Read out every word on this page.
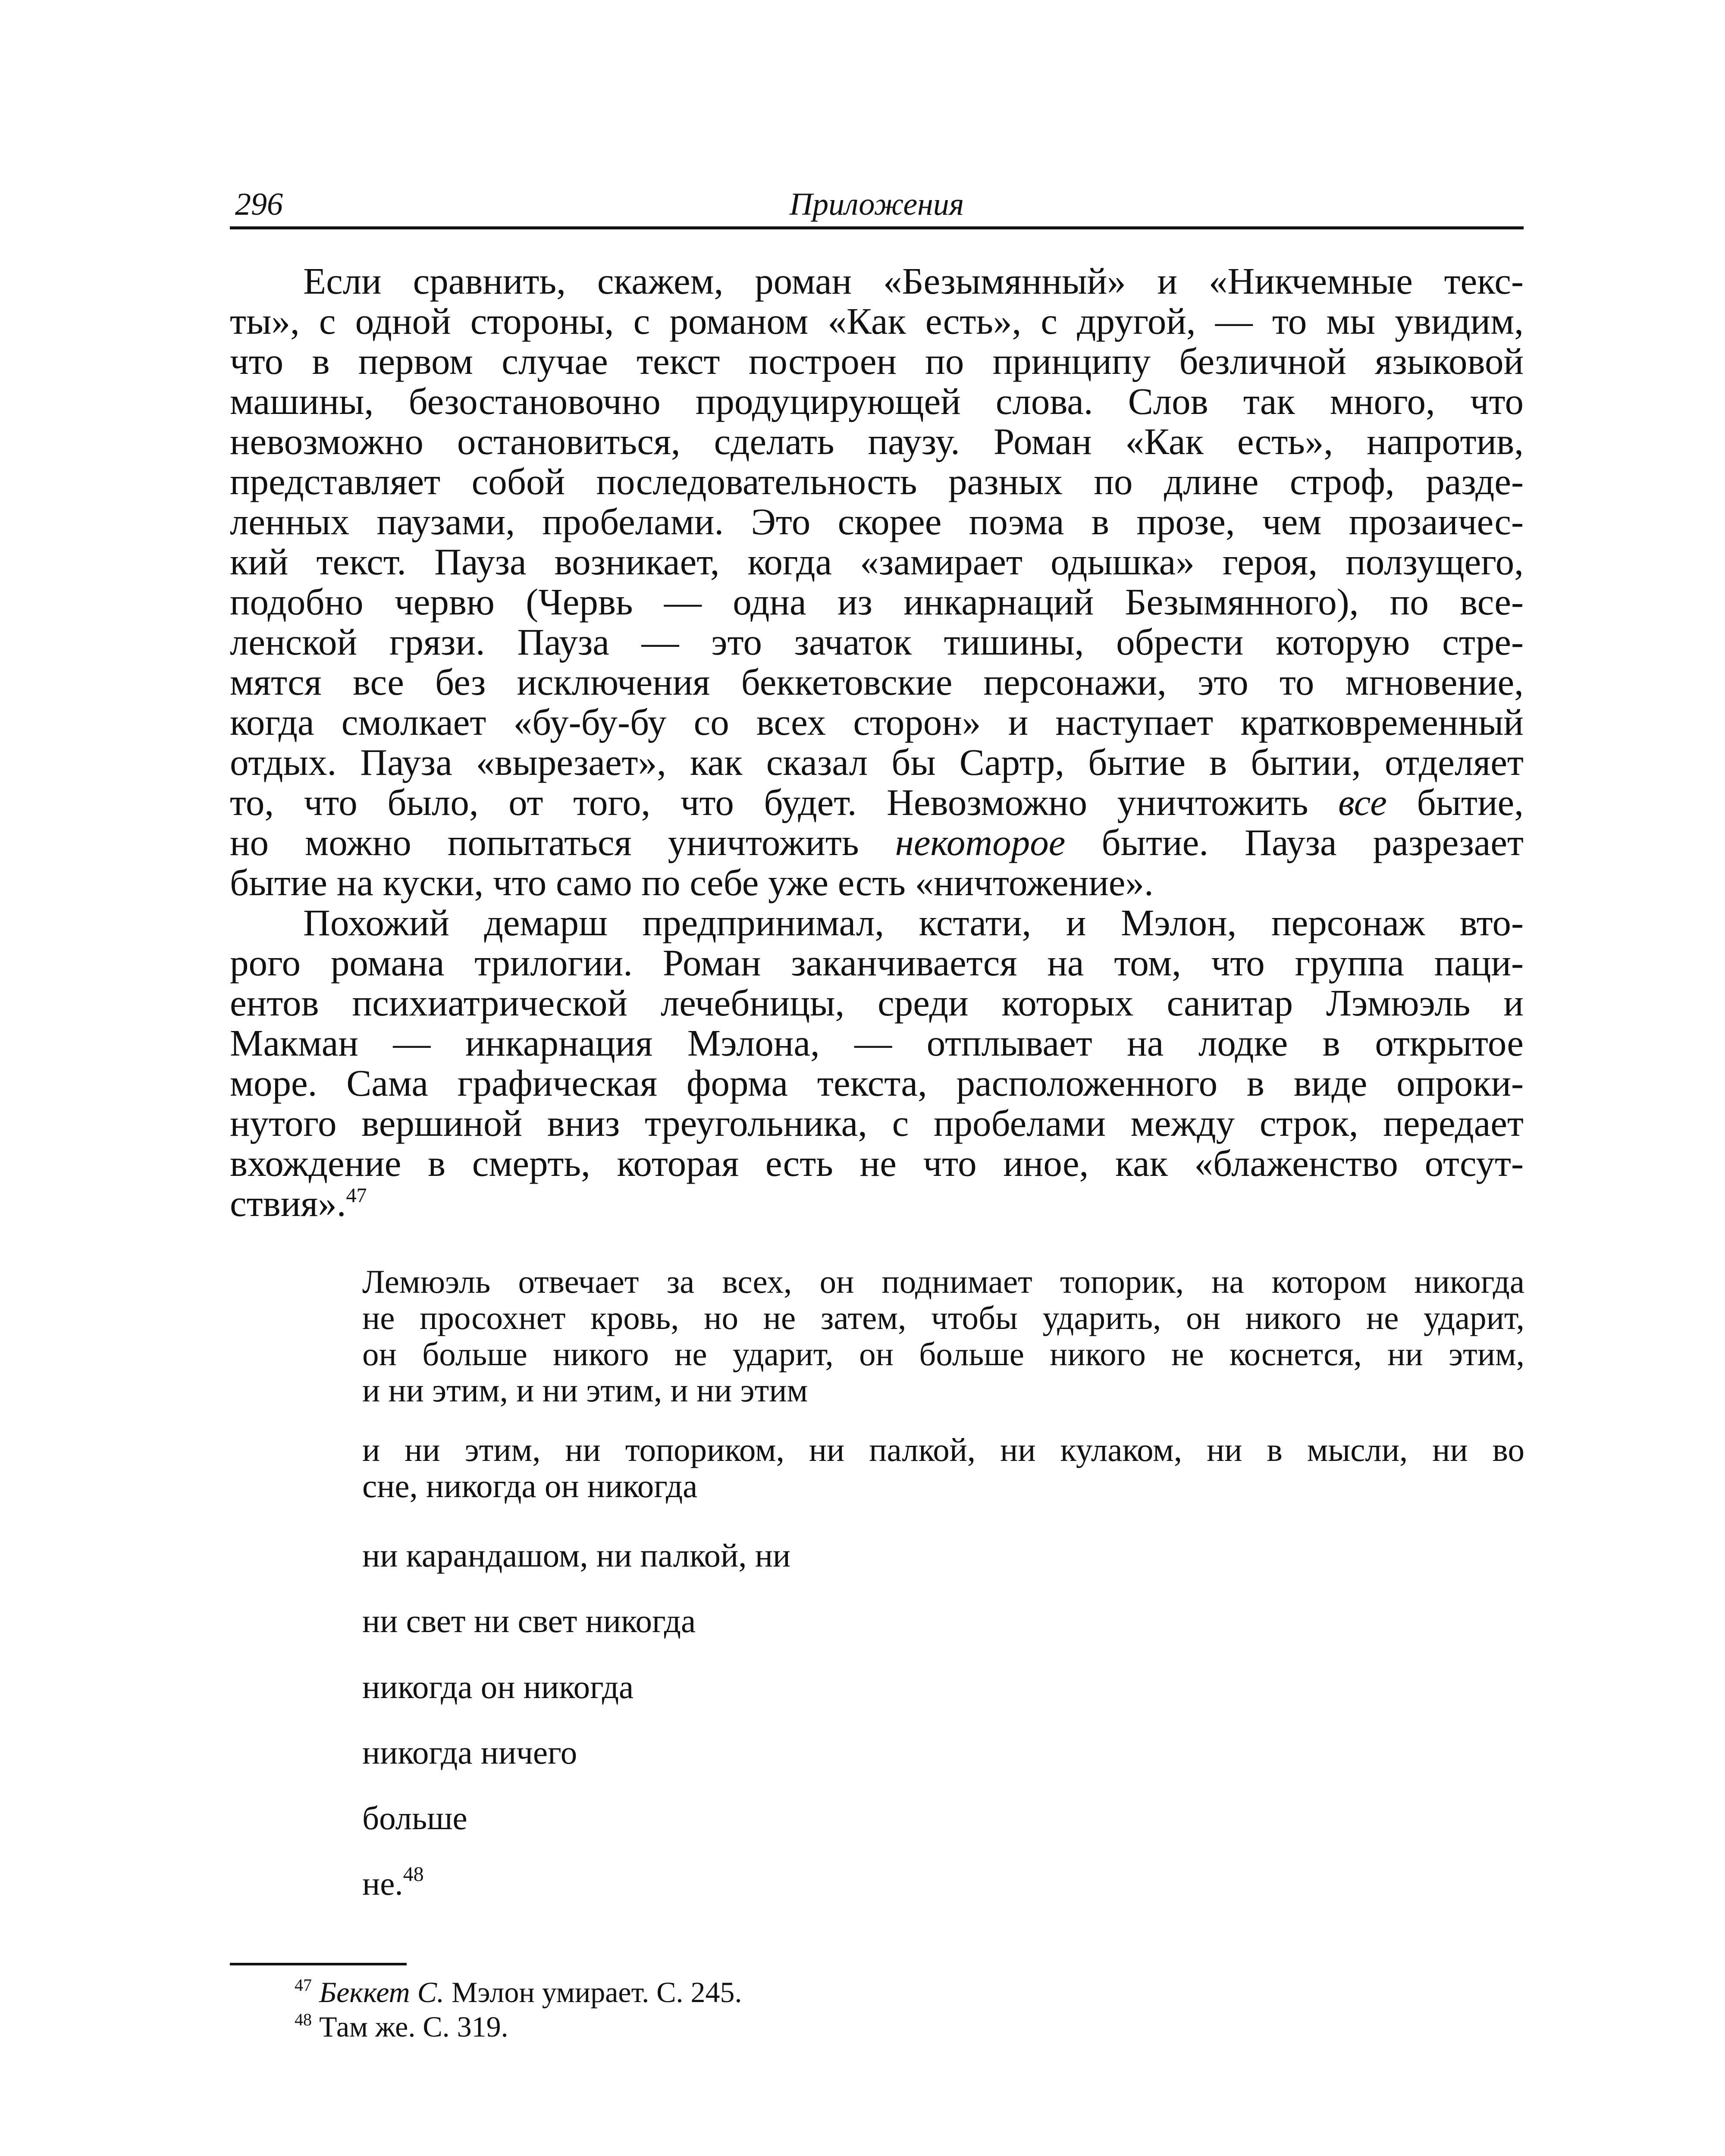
296	Приложения
Если сравнить, скажем, роман «Безымянный» и «Никчемные текс-
ты», с одной стороны, с романом «Как есть», с другой, — то мы увидим,
что в первом случае текст построен по принципу безличной языковой
машины, безостановочно продуцирующей слова. Слов так много, что
невозможно остановиться, сделать паузу. Роман «Как есть», напротив,
представляет собой последовательность разных по длине строф, разде-
ленных паузами, пробелами. Это скорее поэма в прозе, чем прозаичес-
кий текст. Пауза возникает, когда «замирает одышка» героя, ползущего,
подобно червю (Червь — одна из инкарнаций Безымянного), по все-
ленской грязи. Пауза — это зачаток тишины, обрести которую стре-
мятся все без исключения беккетовские персонажи, это то мгновение,
когда смолкает «бу-бу-бу со всех сторон» и наступает кратковременный
отдых. Пауза «вырезает», как сказал бы Сартр, бытие в бытии, отделяет
то, что было, от того, что будет. Невозможно уничтожить все бытие,
но можно попытаться уничтожить некоторое бытие. Пауза разрезает
бытие на куски, что само по себе уже есть «ничтожение».
Похожий демарш предпринимал, кстати, и Мэлон, персонаж вто-
рого романа трилогии. Роман заканчивается на том, что группа паци-
ентов психиатрической лечебницы, среди которых санитар Лэмюэль и
Макман — инкарнация Мэлона, — отплывает на лодке в открытое
море. Сама графическая форма текста, расположенного в виде опроки-
нутого вершиной вниз треугольника, с пробелами между строк, передает
вхождение в смерть, которая есть не что иное, как «блаженство отсут-
ствия».$^{47}$
Лемюэль отвечает за всех, он поднимает топорик, на котором никогда
не просохнет кровь, но не затем, чтобы ударить, он никого не ударит,
он больше никого не ударит, он больше никого не коснется, ни этим,
и ни этим, и ни этим, и ни этим
и ни этим, ни топориком, ни палкой, ни кулаком, ни в мысли, ни во
сне, никогда он никогда
ни карандашом, ни палкой, ни
ни свет ни свет никогда
никогда он никогда
никогда ничего
больше
не.$^{48}$
$^{47}$ Беккет С. Мэлон умирает. С. 245.
$^{48}$ Там же. С. 319.
